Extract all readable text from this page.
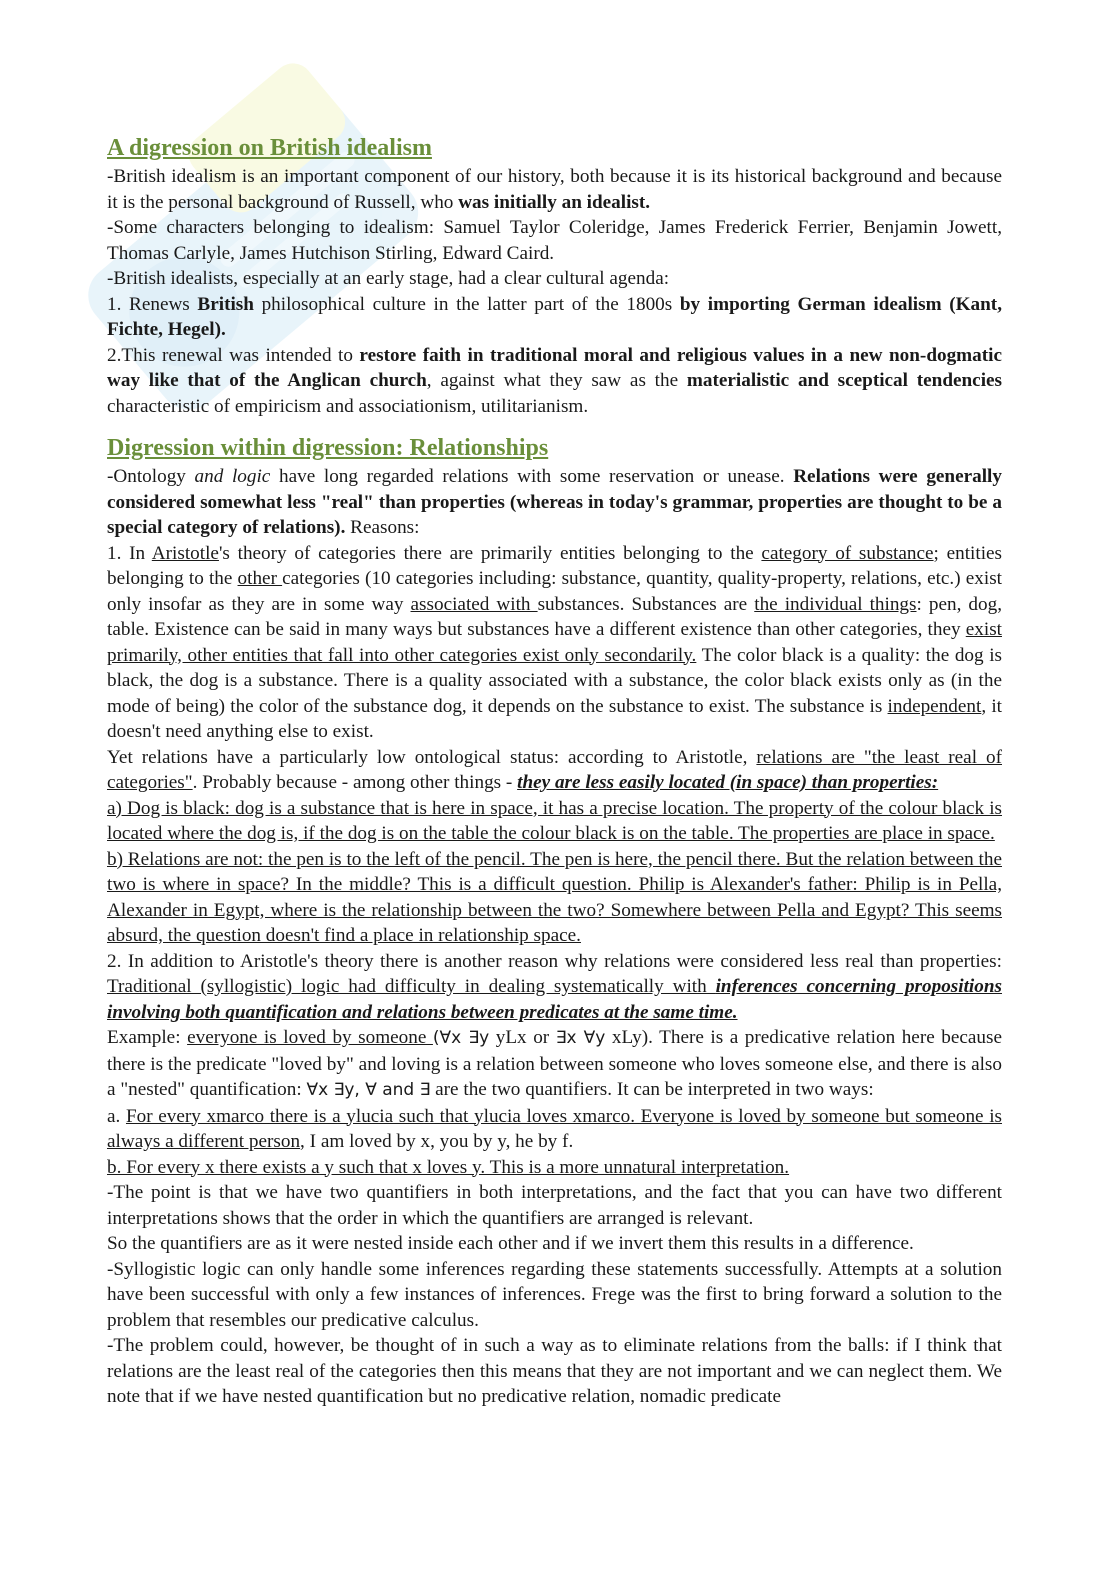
A digression on British idealism

-British idealism is an important component of our history, both because it is its historical background and because it is the personal background of Russell, who was initially an idealist.

-Some characters belonging to idealism: Samuel Taylor Coleridge, James Frederick Ferrier, Benjamin Jowett, Thomas Carlyle, James Hutchison Stirling, Edward Caird.

-British idealists, especially at an early stage, had a clear cultural agenda:

1. Renews British philosophical culture in the latter part of the 1800s by importing German idealism (Kant, Fichte, Hegel).

2.This renewal was intended to restore faith in traditional moral and religious values in a new non-dogmatic way like that of the Anglican church, against what they saw as the materialistic and sceptical tendencies characteristic of empiricism and associationism, utilitarianism.

Digression within digression: Relationships

-Ontology and logic have long regarded relations with some reservation or unease. Relations were generally considered somewhat less "real" than properties (whereas in today's grammar, properties are thought to be a special category of relations). Reasons:

1. In Aristotle's theory of categories there are primarily entities belonging to the category of substance; entities belonging to the other categories (10 categories including: substance, quantity, quality-property, relations, etc.) exist only insofar as they are in some way associated with substances. Substances are the individual things: pen, dog, table. Existence can be said in many ways but substances have a different existence than other categories, they exist primarily, other entities that fall into other categories exist only secondarily. The color black is a quality: the dog is black, the dog is a substance. There is a quality associated with a substance, the color black exists only as (in the mode of being) the color of the substance dog, it depends on the substance to exist. The substance is independent, it doesn't need anything else to exist.

Yet relations have a particularly low ontological status: according to Aristotle, relations are "the least real of categories". Probably because - among other things - they are less easily located (in space) than properties:

a) Dog is black: dog is a substance that is here in space, it has a precise location. The property of the colour black is located where the dog is, if the dog is on the table the colour black is on the table. The properties are place in space.

b) Relations are not: the pen is to the left of the pencil. The pen is here, the pencil there. But the relation between the two is where in space? In the middle? This is a difficult question. Philip is Alexander's father: Philip is in Pella, Alexander in Egypt, where is the relationship between the two? Somewhere between Pella and Egypt? This seems absurd, the question doesn't find a place in relationship space.

2. In addition to Aristotle's theory there is another reason why relations were considered less real than properties: Traditional (syllogistic) logic had difficulty in dealing systematically with inferences concerning propositions involving both quantification and relations between predicates at the same time.

Example: everyone is loved by someone (∀x ∃y yLx or ∃x ∀y xLy). There is a predicative relation here because there is the predicate "loved by" and loving is a relation between someone who loves someone else, and there is also a "nested" quantification: ∀x ∃y, ∀ and ∃ are the two quantifiers. It can be interpreted in two ways:

a. For every xmarco there is a ylucia such that ylucia loves xmarco. Everyone is loved by someone but someone is always a different person, I am loved by x, you by y, he by f.

b. For every x there exists a y such that x loves y. This is a more unnatural interpretation.

-The point is that we have two quantifiers in both interpretations, and the fact that you can have two different interpretations shows that the order in which the quantifiers are arranged is relevant.

So the quantifiers are as it were nested inside each other and if we invert them this results in a difference.

-Syllogistic logic can only handle some inferences regarding these statements successfully. Attempts at a solution have been successful with only a few instances of inferences. Frege was the first to bring forward a solution to the problem that resembles our predicative calculus.

-The problem could, however, be thought of in such a way as to eliminate relations from the balls: if I think that relations are the least real of the categories then this means that they are not important and we can neglect them. We note that if we have nested quantification but no predicative relation, nomadic predicate
